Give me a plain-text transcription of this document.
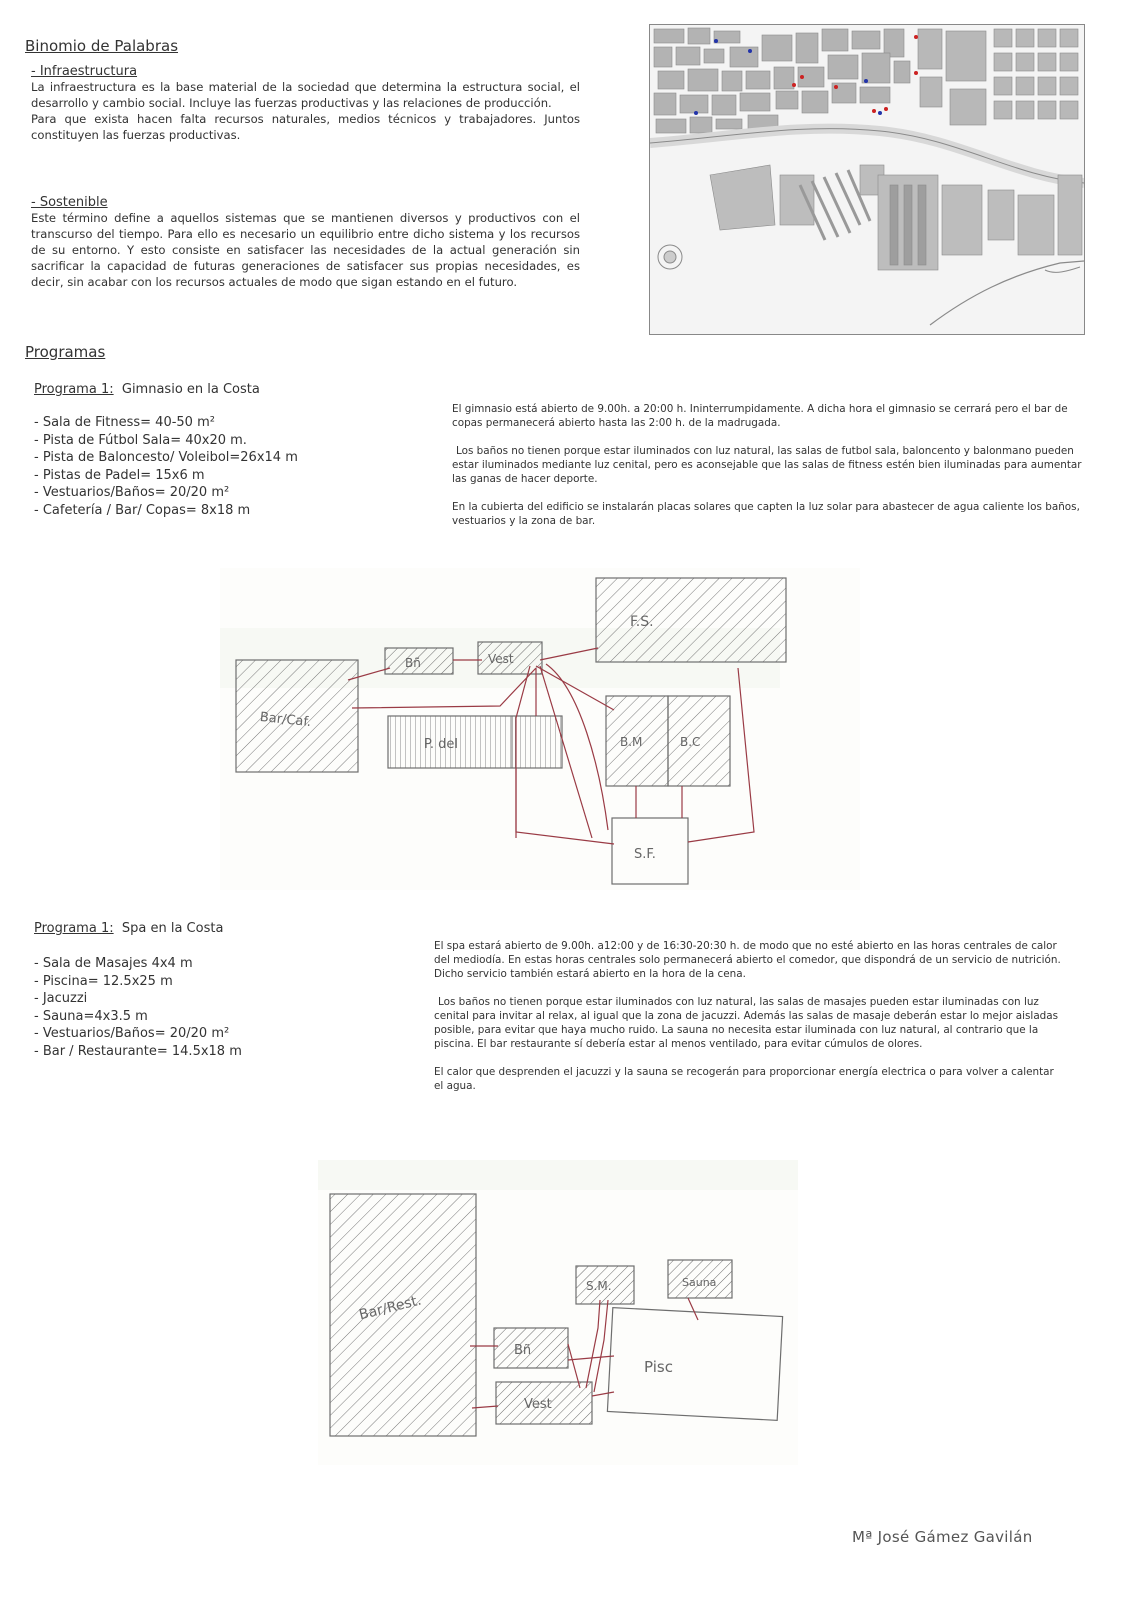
Binomio de Palabras

- Infraestructura

La infraestructura es la base material de la sociedad que determina la estructura social, el desarrollo y cambio social. Incluye las fuerzas productivas y las relaciones de producción.

Para que exista hacen falta recursos naturales, medios técnicos y trabajadores. Juntos constituyen las fuerzas productivas.

- Sostenible

Este término define a aquellos sistemas que se mantienen diversos y productivos con el transcurso del tiempo. Para ello es necesario un equilibrio entre dicho sistema y los recursos de su entorno. Y esto consiste en satisfacer las necesidades de la actual generación sin sacrificar la capacidad de futuras generaciones de satisfacer sus propias necesidades, es decir, sin acabar con los recursos actuales de modo que sigan estando en el futuro.

Programas
Programa 1: Gimnasio en la Costa
- Sala de Fitness= 40-50 m²
- Pista de Fútbol Sala= 40x20 m.
- Pista de Baloncesto/ Voleibol=26x14 m
- Pistas de Padel= 15x6 m
- Vestuarios/Baños= 20/20 m²
- Cafetería / Bar/ Copas= 8x18 m

El gimnasio está abierto de 9.00h. a 20:00 h. Ininterrumpidamente. A dicha hora el gimnasio se cerrará pero el bar de copas permanecerá abierto hasta las 2:00 h. de la madrugada.

Los baños no tienen porque estar iluminados con luz natural, las salas de futbol sala, baloncento y balonmano pueden estar iluminados mediante luz cenital, pero es aconsejable que las salas de fitness estén bien iluminadas para aumentar las ganas de hacer deporte.

En la cubierta del edificio se instalarán placas solares que capten la luz solar para abastecer de agua caliente los baños, vestuarios y la zona de bar.

Bar/Caf.
Bñ	Vest
F.S.
P. del	B.M	B.C
S.F.
Programa 1: Spa en la Costa
- Sala de Masajes 4x4 m
- Piscina= 12.5x25 m
- Jacuzzi
- Sauna=4x3.5 m
- Vestuarios/Baños= 20/20 m²
- Bar / Restaurante= 14.5x18 m

El spa estará abierto de 9.00h. a12:00 y de 16:30-20:30 h. de modo que no esté abierto en las horas centrales de calor del mediodía. En estas horas centrales solo permanecerá abierto el comedor, que dispondrá de un servicio de nutrición. Dicho servicio también estará abierto en la hora de la cena.

Los baños no tienen porque estar iluminados con luz natural, las salas de masajes pueden estar iluminadas con luz cenital para invitar al relax, al igual que la zona de jacuzzi. Además las salas de masaje deberán estar lo mejor aisladas posible, para evitar que haya mucho ruido. La sauna no necesita estar iluminada con luz natural, al contrario que la piscina. El bar restaurante sí debería estar al menos ventilado, para evitar cúmulos de olores.

El calor que desprenden el jacuzzi y la sauna se recogerán para proporcionar energía electrica o para volver a calentar el agua.

Bar/Rest.
Bñ
Vest
S.M.	Sauna
Pisc
Mª José Gámez Gavilán
